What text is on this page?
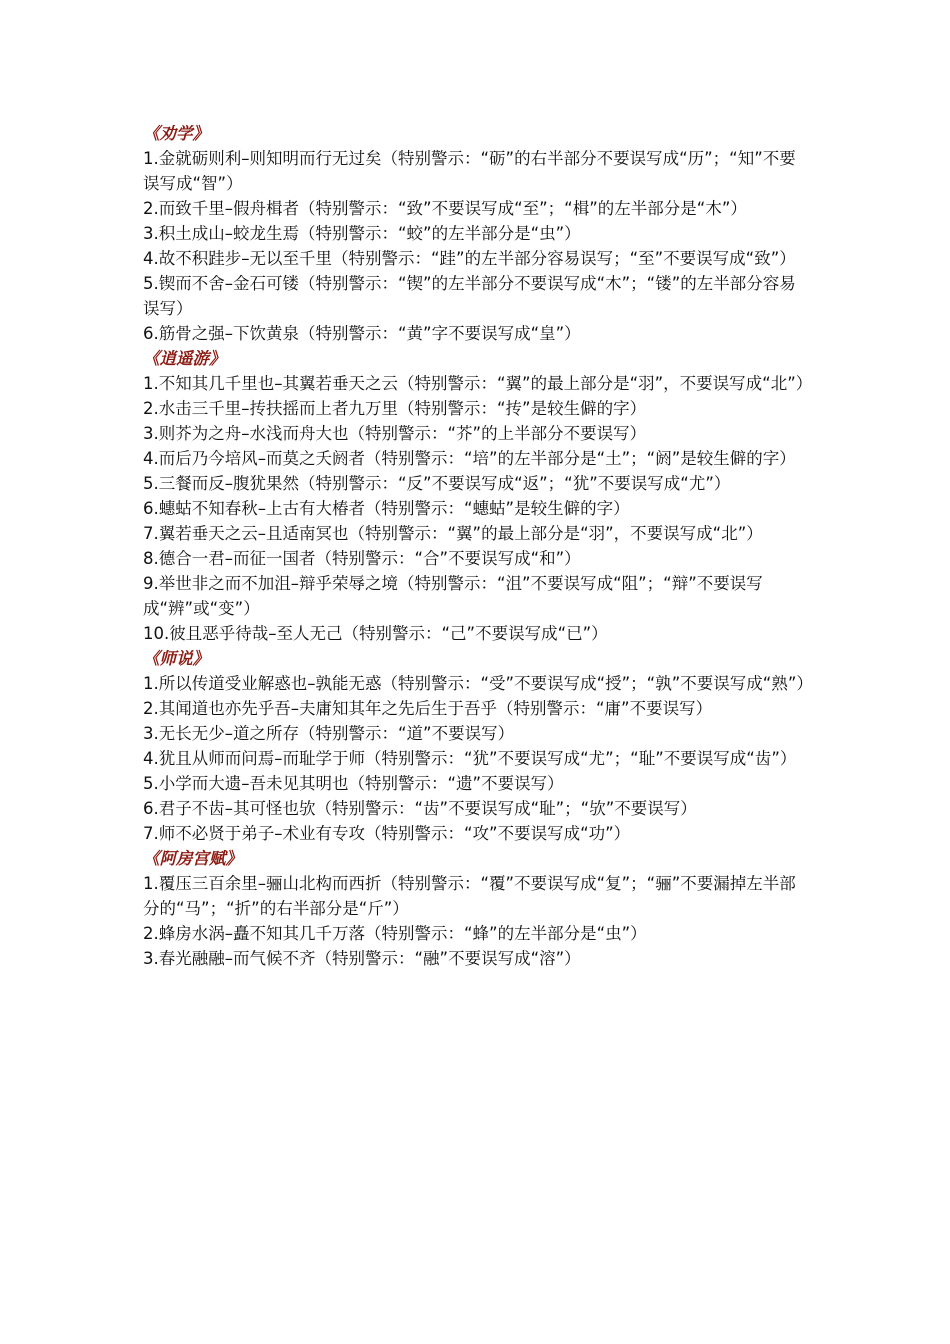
《劝学》

1.金就砺则利–则知明而行无过矣（特别警示：“砺”的右半部分不要误写成“历”；“知”不要误写成“智”）

2.而致千里–假舟楫者（特别警示：“致”不要误写成“至”；“楫”的左半部分是“木”）

3.积土成山–蛟龙生焉（特别警示：“蛟”的左半部分是“虫”）

4.故不积跬步–无以至千里（特别警示：“跬”的左半部分容易误写；“至”不要误写成“致”）

5.锲而不舍–金石可镂（特别警示：“锲”的左半部分不要误写成“木”；“镂”的左半部分容易误写）

6.筋骨之强–下饮黄泉（特别警示：“黄”字不要误写成“皇”）

《逍遥游》

1.不知其几千里也–其翼若垂天之云（特别警示：“翼”的最上部分是“羽”，不要误写成“北”）

2.水击三千里–抟扶摇而上者九万里（特别警示：“抟”是较生僻的字）

3.则芥为之舟–水浅而舟大也（特别警示：“芥”的上半部分不要误写）

4.而后乃今培风–而莫之夭阏者（特别警示：“培”的左半部分是“土”；“阏”是较生僻的字）

5.三餐而反–腹犹果然（特别警示：“反”不要误写成“返”；“犹”不要误写成“尤”）

6.蟪蛄不知春秋–上古有大椿者（特别警示：“蟪蛄”是较生僻的字）

7.翼若垂天之云–且适南冥也（特别警示：“翼”的最上部分是“羽”，不要误写成“北”）

8.德合一君–而征一国者（特别警示：“合”不要误写成“和”）

9.举世非之而不加沮–辩乎荣辱之境（特别警示：“沮”不要误写成“阻”；“辩”不要误写成“辨”或“变”）

10.彼且恶乎待哉–至人无己（特别警示：“己”不要误写成“已”）

《师说》

1.所以传道受业解惑也–孰能无惑（特别警示：“受”不要误写成“授”；“孰”不要误写成“熟”）

2.其闻道也亦先乎吾–夫庸知其年之先后生于吾乎（特别警示：“庸”不要误写）

3.无长无少–道之所存（特别警示：“道”不要误写）

4.犹且从师而问焉–而耻学于师（特别警示：“犹”不要误写成“尤”；“耻”不要误写成“齿”）

5.小学而大遗–吾未见其明也（特别警示：“遗”不要误写）

6.君子不齿–其可怪也欤（特别警示：“齿”不要误写成“耻”；“欤”不要误写）

7.师不必贤于弟子–术业有专攻（特别警示：“攻”不要误写成“功”）

《阿房宫赋》

1.覆压三百余里–骊山北构而西折（特别警示：“覆”不要误写成“复”；“骊”不要漏掉左半部分的“马”；“折”的右半部分是“斤”）

2.蜂房水涡–矗不知其几千万落（特别警示：“蜂”的左半部分是“虫”）

3.春光融融–而气候不齐（特别警示：“融”不要误写成“溶”）
